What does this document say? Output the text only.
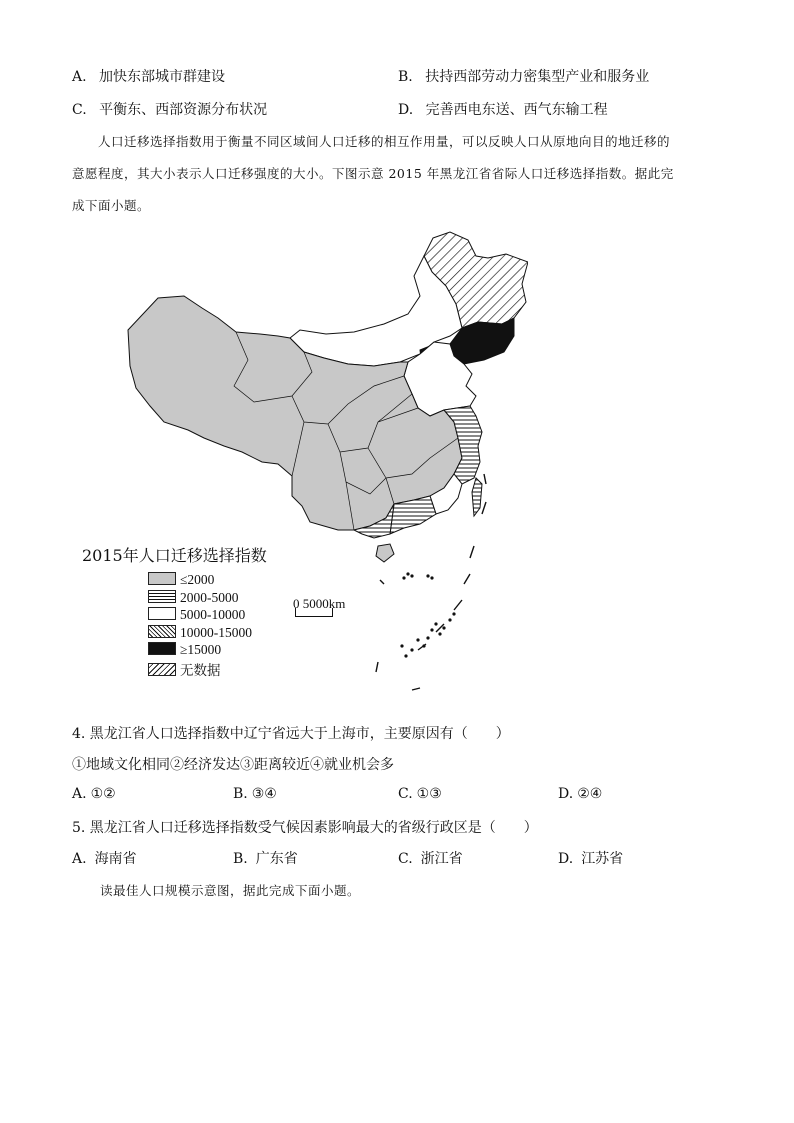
A. 加快东部城市群建设	B. 扶持西部劳动力密集型产业和服务业
C. 平衡东、西部资源分布状况	D. 完善西电东送、西气东输工程
人口迁移选择指数用于衡量不同区域间人口迁移的相互作用量，可以反映人口从原地向目的地迁移的
意愿程度，其大小表示人口迁移强度的大小。下图示意 2015 年黑龙江省省际人口迁移选择指数。据此完
成下面小题。
2015年人口迁移选择指数
≤2000
2000-5000
5000-10000
10000-15000
≥15000
无数据
0 5000km
4. 黑龙江省人口选择指数中辽宁省远大于上海市，主要原因有（　　）
①地域文化相同②经济发达③距离较近④就业机会多
A. ①②	B. ③④	C. ①③	D. ②④
5. 黑龙江省人口迁移选择指数受气候因素影响最大的省级行政区是（　　）
A. 海南省	B. 广东省	C. 浙江省	D. 江苏省
读最佳人口规模示意图，据此完成下面小题。
